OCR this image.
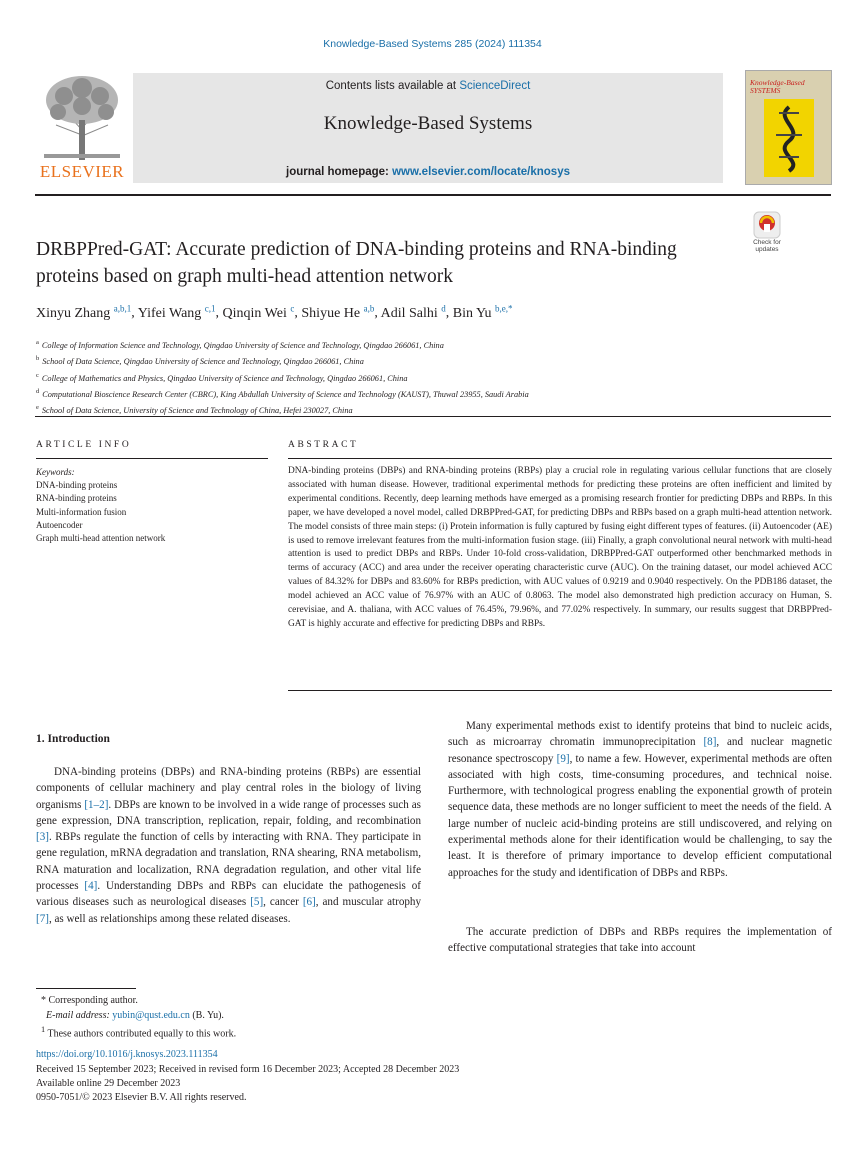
Knowledge-Based Systems 285 (2024) 111354
ELSEVIER
Contents lists available at ScienceDirect
Knowledge-Based Systems
journal homepage: www.elsevier.com/locate/knosys
Knowledge-Based SYSTEMS
Check for updates
DRBPPred-GAT: Accurate prediction of DNA-binding proteins and RNA-binding proteins based on graph multi-head attention network
Xinyu Zhang $^{a,b,1}$, Yifei Wang $^{c,1}$, Qinqin Wei $^c$, Shiyue He $^{a,b}$, Adil Salhi $^d$, Bin Yu $^{b,e,*}$
$^a$ College of Information Science and Technology, Qingdao University of Science and Technology, Qingdao 266061, China
$^b$ School of Data Science, Qingdao University of Science and Technology, Qingdao 266061, China
$^c$ College of Mathematics and Physics, Qingdao University of Science and Technology, Qingdao 266061, China
$^d$ Computational Bioscience Research Center (CBRC), King Abdullah University of Science and Technology (KAUST), Thuwal 23955, Saudi Arabia
$^e$ School of Data Science, University of Science and Technology of China, Hefei 230027, China
ARTICLE INFO
Keywords:
DNA-binding proteins
RNA-binding proteins
Multi-information fusion
Autoencoder
Graph multi-head attention network
ABSTRACT
DNA-binding proteins (DBPs) and RNA-binding proteins (RBPs) play a crucial role in regulating various cellular functions that are closely associated with human disease. However, traditional experimental methods for predicting these proteins are often inefficient and limited by experimental conditions. Recently, deep learning methods have emerged as a promising research frontier for predicting DBPs and RBPs. In this paper, we have developed a novel model, called DRBPPred-GAT, for predicting DBPs and RBPs based on a graph multi-head attention network. The model consists of three main steps: (i) Protein information is fully captured by fusing eight different types of features. (ii) Autoencoder (AE) is used to remove irrelevant features from the multi-information fusion stage. (iii) Finally, a graph convolutional neural network with multi-head attention is used to predict DBPs and RBPs. Under 10-fold cross-validation, DRBPPred-GAT outperformed other benchmarked methods in terms of accuracy (ACC) and area under the receiver operating characteristic curve (AUC). On the training dataset, our model achieved ACC values of 84.32% for DBPs and 83.60% for RBPs prediction, with AUC values of 0.9219 and 0.9040 respectively. On the PDB186 dataset, the model achieved an ACC value of 76.97% with an AUC of 0.8063. The model also demonstrated high prediction accuracy on Human, S. cerevisiae, and A. thaliana, with ACC values of 76.45%, 79.96%, and 77.02% respectively. In summary, our results suggest that DRBPPred-GAT is highly accurate and effective for predicting DBPs and RBPs.
1. Introduction
DNA-binding proteins (DBPs) and RNA-binding proteins (RBPs) are essential components of cellular machinery and play central roles in the biology of living organisms [1–2]. DBPs are known to be involved in a wide range of processes such as gene expression, DNA transcription, replication, repair, folding, and recombination [3]. RBPs regulate the function of cells by interacting with RNA. They participate in gene regulation, mRNA degradation and translation, RNA shearing, RNA metabolism, RNA maturation and localization, RNA degradation regulation, and other vital life processes [4]. Understanding DBPs and RBPs can elucidate the pathogenesis of various diseases such as neurological diseases [5], cancer [6], and muscular atrophy [7], as well as relationships among these related diseases.
Many experimental methods exist to identify proteins that bind to nucleic acids, such as microarray chromatin immunoprecipitation [8], and nuclear magnetic resonance spectroscopy [9], to name a few. However, experimental methods are often associated with high costs, time-consuming procedures, and technical noise. Furthermore, with technological progress enabling the exponential growth of protein sequence data, these methods are no longer sufficient to meet the needs of the field. A large number of nucleic acid-binding proteins are still undiscovered, and relying on experimental methods alone for their identification would be challenging, to say the least. It is therefore of primary importance to develop efficient computational approaches for the study and identification of DBPs and RBPs.
The accurate prediction of DBPs and RBPs requires the implementation of effective computational strategies that take into account
* Corresponding author.
E-mail address: yubin@qust.edu.cn (B. Yu).
$^1$ These authors contributed equally to this work.
https://doi.org/10.1016/j.knosys.2023.111354
Received 15 September 2023; Received in revised form 16 December 2023; Accepted 28 December 2023
Available online 29 December 2023
0950-7051/© 2023 Elsevier B.V. All rights reserved.
